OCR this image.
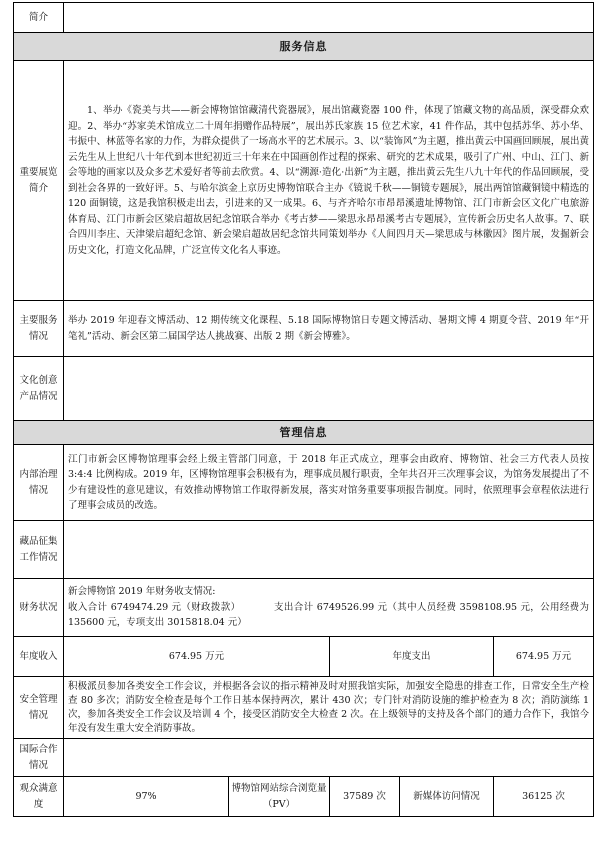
简介					
服务信息					
重要展览简介	1、举办《瓷美与共——新会博物馆馆藏清代瓷器展》，展出馆藏瓷器 100 件，体现了馆藏文物的高品质，深受群众欢迎。2、举办“苏家美术馆成立二十周年捐赠作品特展”，展出苏氏家族 15 位艺术家，41 件作品，其中包括苏华、苏小华、韦振中、林蓝等名家的力作，为群众提供了一场高水平的艺术展示。3、以“装饰风”为主题，推出黄云中国画回顾展，展出黄云先生从上世纪八十年代到本世纪初近三十年来在中国画创作过程的探索、研究的艺术成果，吸引了广州、中山、江门、新会等地的画家以及众多艺术爱好者等前去欣赏。4、以“溯源·造化·出新”为主题，推出黄云先生八九十年代的作品回顾展，受到社会各界的一致好评。5、与哈尔滨金上京历史博物馆联合主办《镜说千秋——铜镜专题展》，展出两馆馆藏铜镜中精选的 120 面铜镜，这是我馆积极走出去，引进来的又一成果。6、与齐齐哈尔市昂昂溪遗址博物馆、江门市新会区文化广电旅游体育局、江门市新会区梁启超故居纪念馆联合举办《考古梦——梁思永昂昂溪考古专题展》，宣传新会历史名人故事。7、联合四川李庄、天津梁启超纪念馆、新会梁启超故居纪念馆共同策划举办《人间四月天—梁思成与林徽因》图片展，发掘新会历史文化，打造文化品牌，广泛宣传文化名人事迹。				
主要服务情况	举办 2019 年迎春文博活动、12 期传统文化课程、5.18 国际博物馆日专题文博活动、暑期文博 4 期夏令营、2019 年“开笔礼”活动、新会区第二届国学达人挑战赛、出版 2 期《新会博雅》。				
文化创意产品情况					
管理信息					
内部治理情况	江门市新会区博物馆理事会经上级主管部门同意，于 2018 年正式成立，理事会由政府、博物馆、社会三方代表人员按 3:4:4 比例构成。2019 年，区博物馆理事会积极有为，理事成员履行职责，全年共召开三次理事会议，为馆务发展提出了不少有建设性的意见建议，有效推动博物馆工作取得新发展，落实对馆务重要事项报告制度。同时，依照理事会章程依法进行了理事会成员的改选。				
藏品征集工作情况					
财务状况	新会博物馆 2019 年财务收支情况:
收入合计 6749474.29 元（财政拨款）          支出合计 6749526.99 元（其中人员经费 3598108.95 元，公用经费为 135600 元，专项支出 3015818.04 元）				

年度收入	674.95 万元		年度支出		674.95 万元
安全管理情况	积极派员参加各类安全工作会议，并根据各会议的指示精神及时对照我馆实际，加强安全隐患的排查工作，日常安全生产检查 80 多次；消防安全检查是每个工作日基本保持两次，累计 430 次；专门针对消防设施的维护检查为 8 次；消防演练 1 次，参加各类安全工作会议及培训 4 个，接受区消防安全大检查 2 次。在上级领导的支持及各个部门的通力合作下，我馆今年没有发生重大安全消防事故。				
国际合作情况					
观众满意度	97%	博物馆网站综合浏览量（PV）	37589 次	新媒体访问情况	36125 次
